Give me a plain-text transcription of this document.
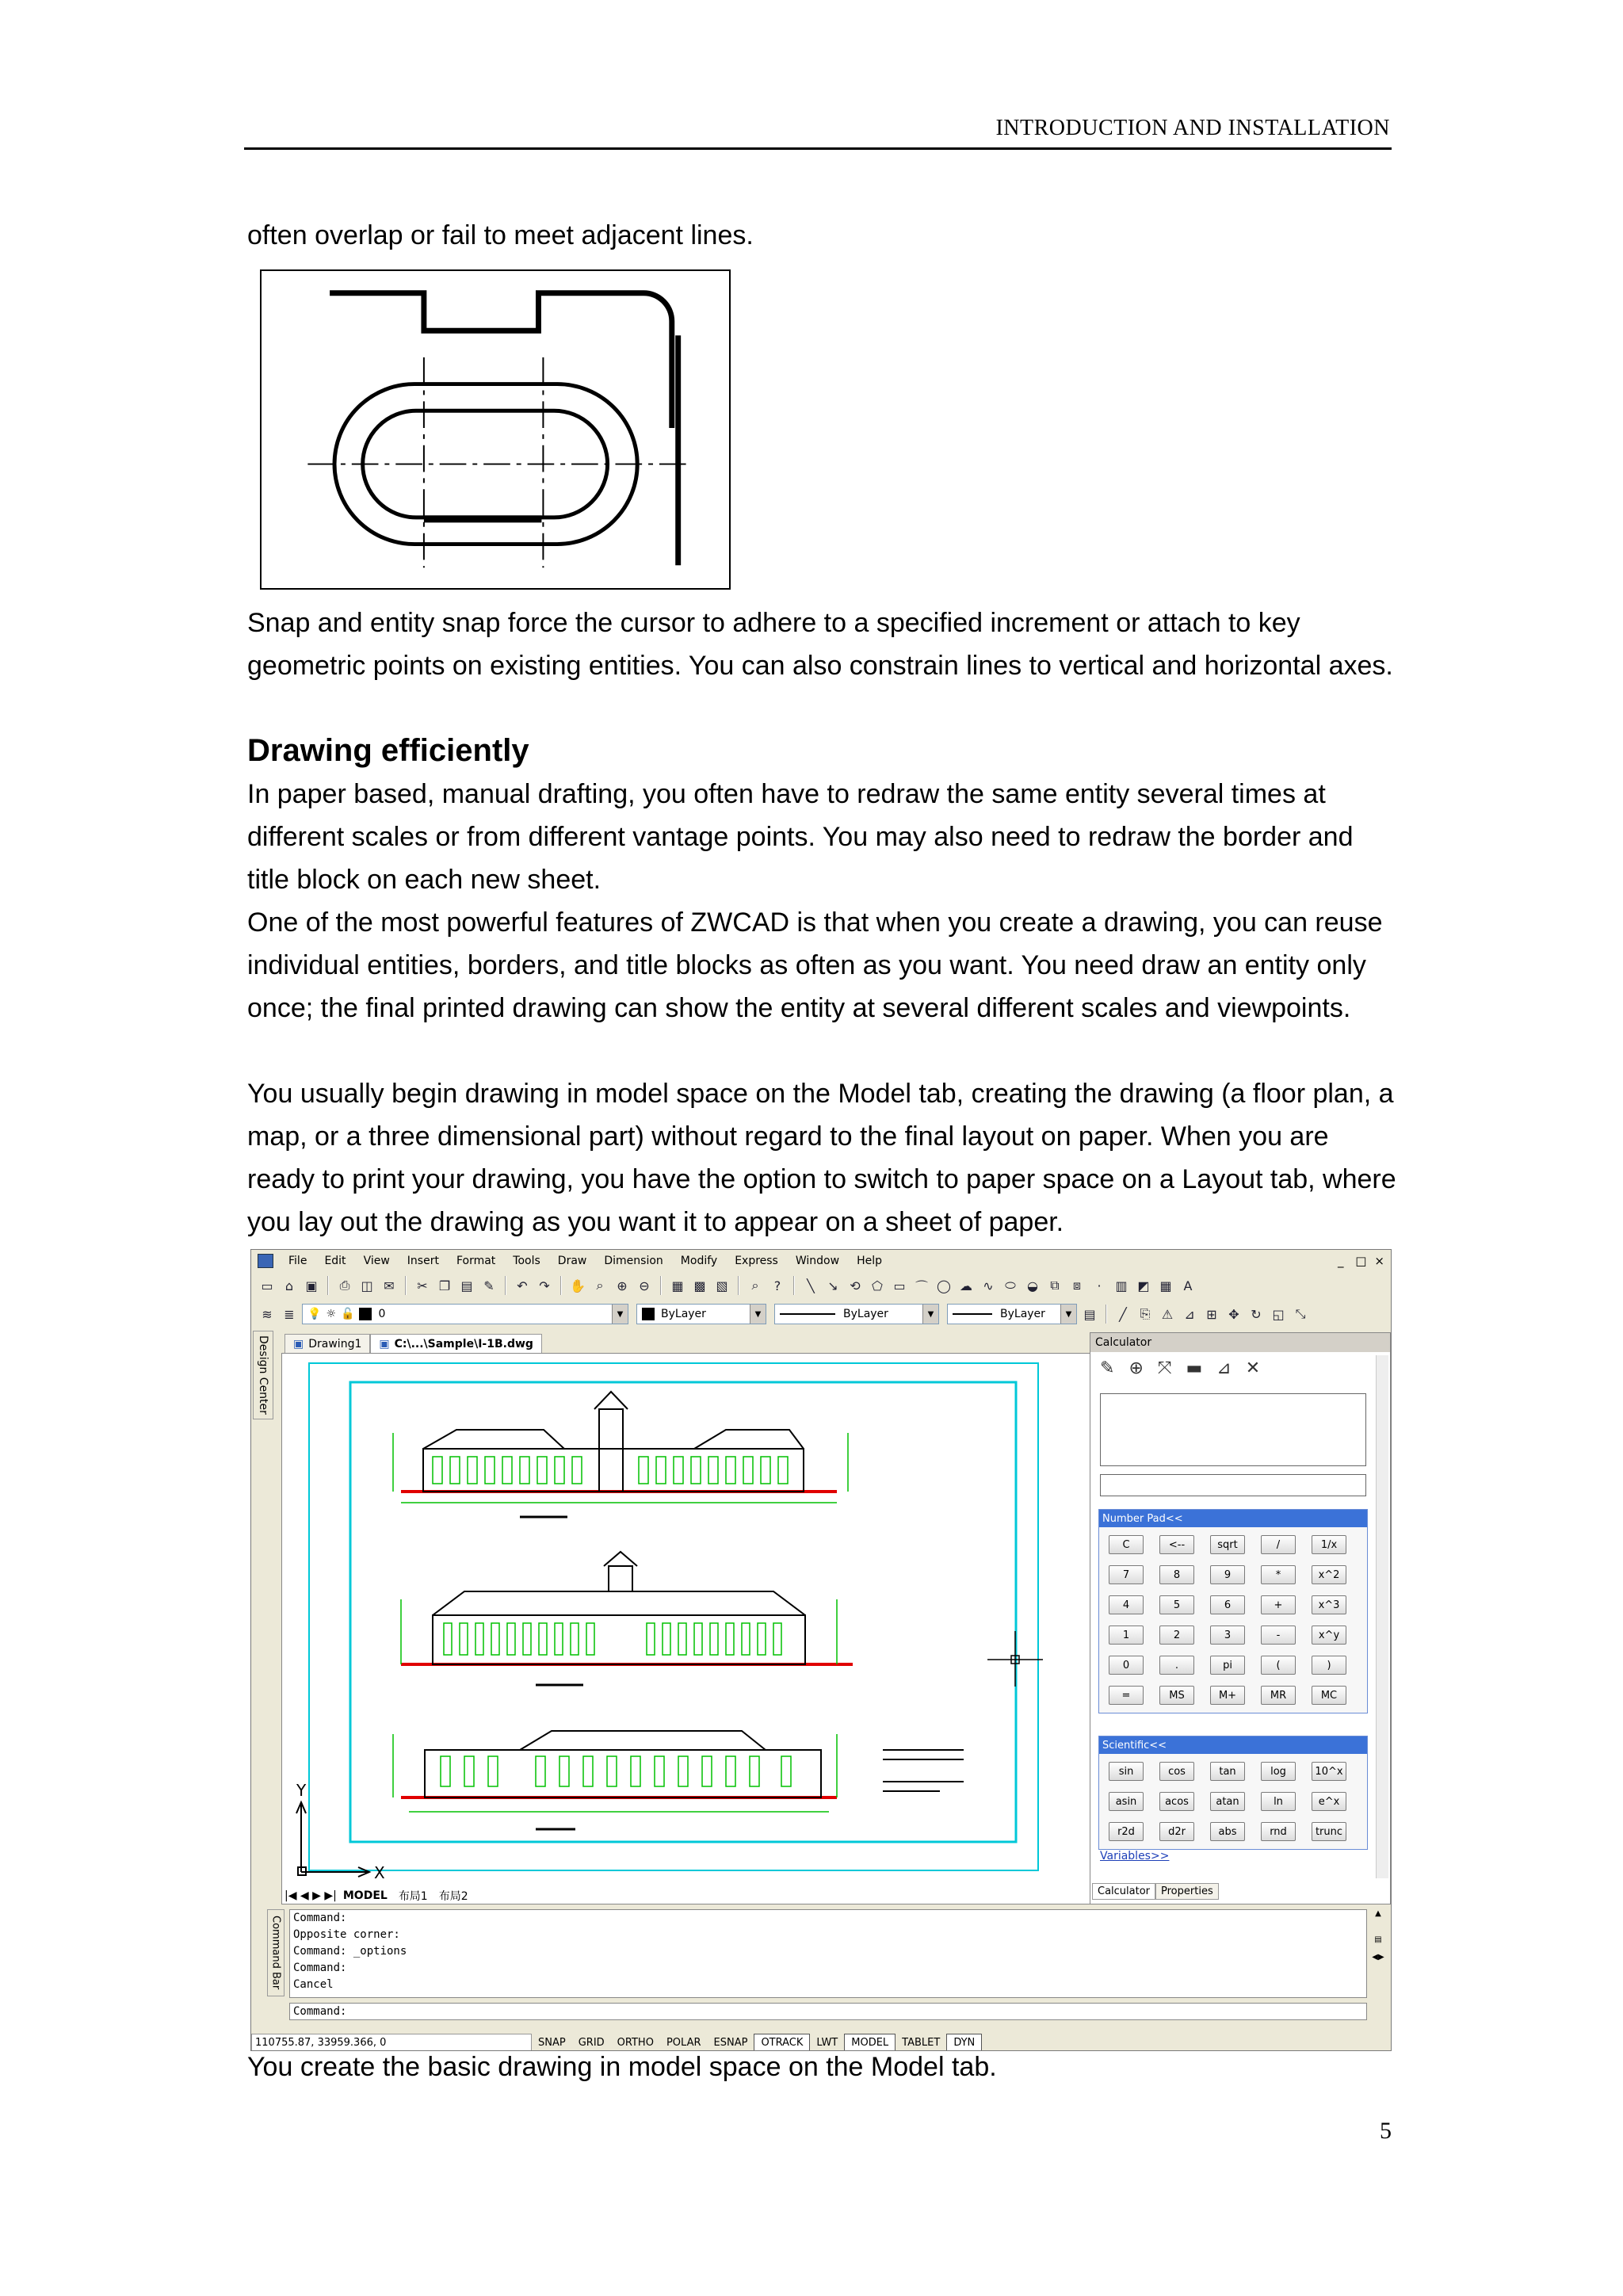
INTRODUCTION AND INSTALLATION
often overlap or fail to meet adjacent lines.
Snap and entity snap force the cursor to adhere to a specified increment or attach to key geometric points on existing entities. You can also constrain lines to vertical and horizontal axes.
Drawing efficiently
In paper based, manual drafting, you often have to redraw the same entity several times at different scales or from different vantage points. You may also need to redraw the border and title block on each new sheet.
One of the most powerful features of ZWCAD is that when you create a drawing, you can reuse individual entities, borders, and title blocks as often as you want. You need draw an entity only once; the final printed drawing can show the entity at several different scales and viewpoints.
You usually begin drawing in model space on the Model tab, creating the drawing (a floor plan, a map, or a three dimensional part) without regard to the final layout on paper. When you are ready to print your drawing, you have the option to switch to paper space on a Layout tab, where you lay out the drawing as you want it to appear on a sheet of paper.
File	Edit	View	Insert	Format	Tools	Draw	Dimension	Modify	Express	Window	Help	_ □ ×
▭ ⌂ ▣	⎙ ◫ ✉	✂ ❐ ▤ ✎	↶ ↷	✋ ⌕	⊕ ⊖	▦ ▩ ▧	⌕	?	╲	↘ ⟲ ⬠ ▭ ⌒ ◯ ☁ ∿ ⬭ ◒ ⧉	⧈	·	▥ ◩ ▦ A
≋ ≣	💡 ☼ 🔓 0	▼	ByLayer	▼	ByLayer	▼	ByLayer	▼ ▤	╱	⎘ ⚠ ⊿ ⊞ ✥ ↻ ◱ ⤡
Design Center	▣ Drawing1 ▣ C:\...\Sample\I-1B.dwg
Y
X
|◀ ◀ ▶ ▶| MODEL	布局1	布局2
Calculator
✎ ⊕ ⤧ ▬ ⊿ ✕
Number Pad<<
C	<--	sqrt	/	1/x
7	8	9	*	x^2
4	5	6	+	x^3
1	2	3	-	x^y
0	.	pi	(	)
=	MS	M+	MR	MC
Scientific<<
sin	cos	tan	log	10^x
asin	acos	atan	ln	e^x
r2d	d2r	abs	rnd	trunc
Variables>>
Calculator	Properties
Command Bar Command:
Opposite corner:
Command: _options
Command:
Cancel
Command:
▲

▤

◀▶
110755.87, 33959.366, 0	SNAP	GRID	ORTHO	POLAR	ESNAP	OTRACK	LWT	MODEL	TABLET	DYN
You create the basic drawing in model space on the Model tab.
5
